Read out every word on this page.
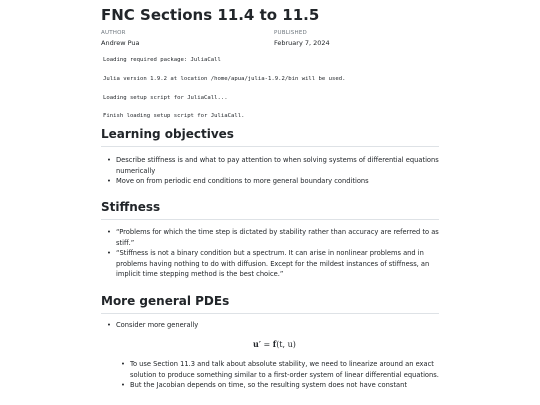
FNC Sections 11.4 to 11.5
AUTHOR
Andrew Pua
PUBLISHED
February 7, 2024
Loading required package: JuliaCall
Julia version 1.9.2 at location /home/apua/julia-1.9.2/bin will be used.
Loading setup script for JuliaCall...
Finish loading setup script for JuliaCall.
Learning objectives
• Describe stiffness is and what to pay attention to when solving systems of differential equations numerically
• Move on from periodic end conditions to more general boundary conditions
Stiffness
• “Problems for which the time step is dictated by stability rather than accuracy are referred to as stiff.”
• “Stiffness is not a binary condition but a spectrum. It can arise in nonlinear problems and in problems having nothing to do with diffusion. Except for the mildest instances of stiffness, an implicit time stepping method is the best choice.”
More general PDEs
• Consider more generally
u′ = f(t, u)
• To use Section 11.3 and talk about absolute stability, we need to linearize around an exact solution to produce something similar to a first-order system of linear differential equations.
• But the Jacobian depends on time, so the resulting system does not have constant
